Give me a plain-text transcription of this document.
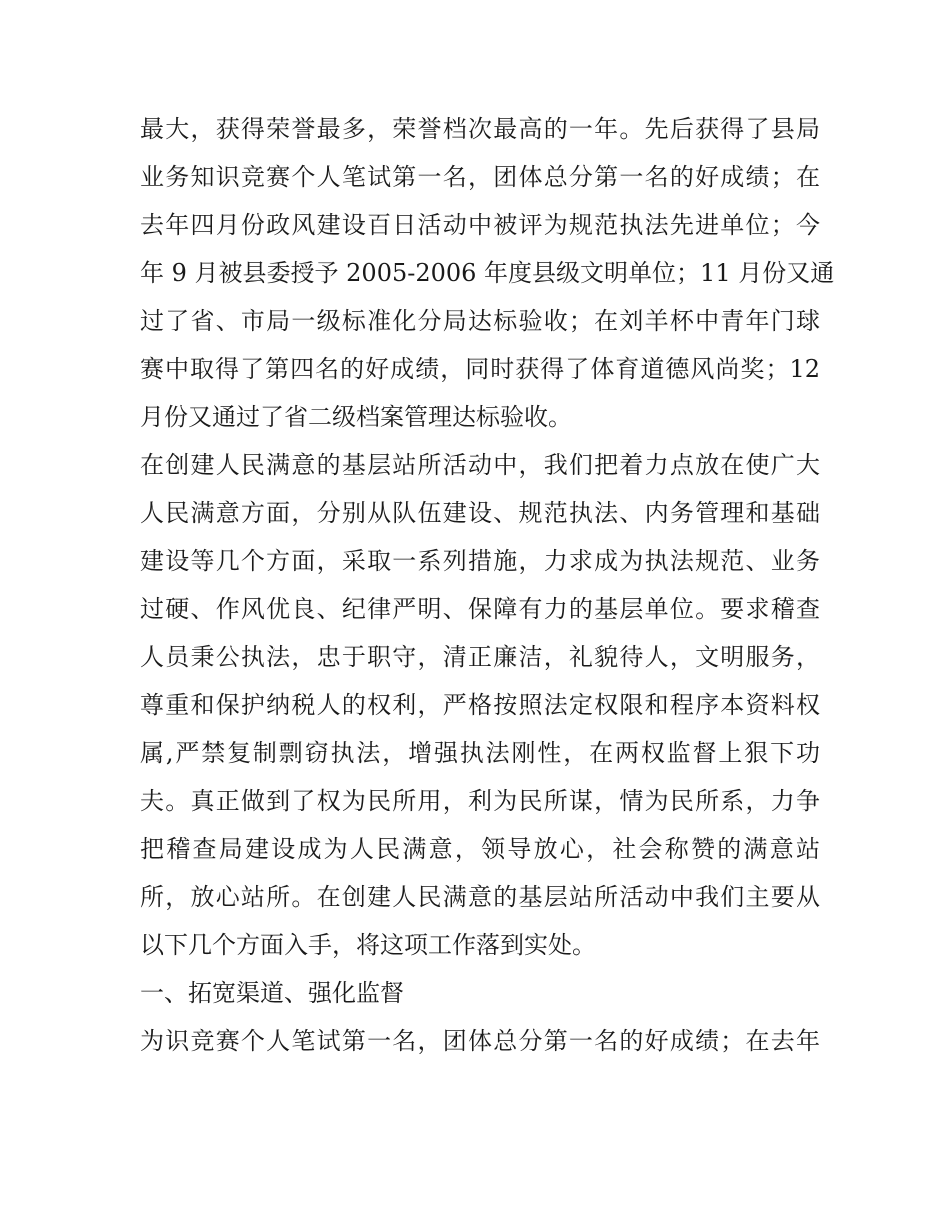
最大，获得荣誉最多，荣誉档次最高的一年。先后获得了县局
业务知识竞赛个人笔试第一名，团体总分第一名的好成绩；在
去年四月份政风建设百日活动中被评为规范执法先进单位；今
年 9 月被县委授予 2005-2006 年度县级文明单位；11 月份又通
过了省、市局一级标准化分局达标验收；在刘羊杯中青年门球
赛中取得了第四名的好成绩，同时获得了体育道德风尚奖；12
月份又通过了省二级档案管理达标验收。
在创建人民满意的基层站所活动中，我们把着力点放在使广大
人民满意方面，分别从队伍建设、规范执法、内务管理和基础
建设等几个方面，采取一系列措施，力求成为执法规范、业务
过硬、作风优良、纪律严明、保障有力的基层单位。要求稽查
人员秉公执法，忠于职守，清正廉洁，礼貌待人，文明服务，
尊重和保护纳税人的权利，严格按照法定权限和程序本资料权
属,严禁复制剽窃执法，增强执法刚性，在两权监督上狠下功
夫。真正做到了权为民所用，利为民所谋，情为民所系，力争
把稽查局建设成为人民满意，领导放心，社会称赞的满意站
所，放心站所。在创建人民满意的基层站所活动中我们主要从
以下几个方面入手，将这项工作落到实处。
一、拓宽渠道、强化监督
为识竞赛个人笔试第一名，团体总分第一名的好成绩；在去年
